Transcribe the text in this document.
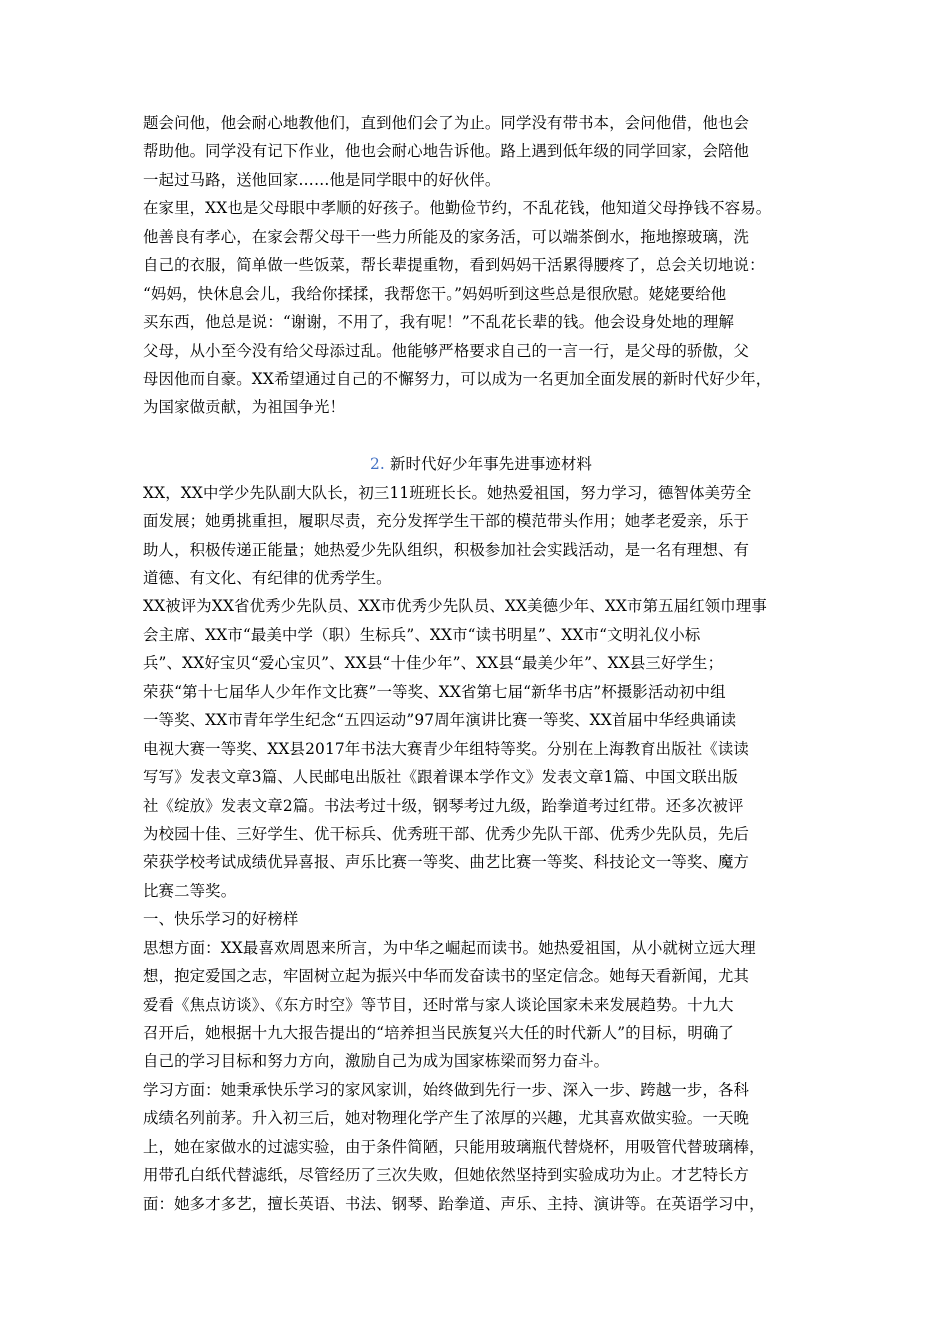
题会问他，他会耐心地教他们，直到他们会了为止。同学没有带书本，会问他借，他也会
帮助他。同学没有记下作业，他也会耐心地告诉他。路上遇到低年级的同学回家，会陪他
一起过马路，送他回家……他是同学眼中的好伙伴。
在家里，XX也是父母眼中孝顺的好孩子。他勤俭节约，不乱花钱，他知道父母挣钱不容易。
他善良有孝心，在家会帮父母干一些力所能及的家务活，可以端茶倒水，拖地擦玻璃，洗
自己的衣服，简单做一些饭菜，帮长辈提重物，看到妈妈干活累得腰疼了，总会关切地说：
“妈妈，快休息会儿，我给你揉揉，我帮您干。”妈妈听到这些总是很欣慰。姥姥要给他
买东西，他总是说：“谢谢，不用了，我有呢！”不乱花长辈的钱。他会设身处地的理解
父母，从小至今没有给父母添过乱。他能够严格要求自己的一言一行，是父母的骄傲，父
母因他而自豪。XX希望通过自己的不懈努力，可以成为一名更加全面发展的新时代好少年，
为国家做贡献，为祖国争光！
2. 新时代好少年事先进事迹材料
XX，XX中学少先队副大队长，初三11班班长长。她热爱祖国，努力学习，德智体美劳全
面发展；她勇挑重担，履职尽责，充分发挥学生干部的模范带头作用；她孝老爱亲，乐于
助人，积极传递正能量；她热爱少先队组织，积极参加社会实践活动，是一名有理想、有
道德、有文化、有纪律的优秀学生。
XX被评为XX省优秀少先队员、XX市优秀少先队员、XX美德少年、XX市第五届红领巾理事
会主席、XX市“最美中学（职）生标兵”、XX市“读书明星”、XX市“文明礼仪小标
兵”、XX好宝贝“爱心宝贝”、XX县“十佳少年”、XX县“最美少年”、XX县三好学生；
荣获“第十七届华人少年作文比赛”一等奖、XX省第七届“新华书店”杯摄影活动初中组
一等奖、XX市青年学生纪念“五四运动”97周年演讲比赛一等奖、XX首届中华经典诵读
电视大赛一等奖、XX县2017年书法大赛青少年组特等奖。分别在上海教育出版社《读读
写写》发表文章3篇、人民邮电出版社《跟着课本学作文》发表文章1篇、中国文联出版
社《绽放》发表文章2篇。书法考过十级，钢琴考过九级，跆拳道考过红带。还多次被评
为校园十佳、三好学生、优干标兵、优秀班干部、优秀少先队干部、优秀少先队员，先后
荣获学校考试成绩优异喜报、声乐比赛一等奖、曲艺比赛一等奖、科技论文一等奖、魔方
比赛二等奖。
一、快乐学习的好榜样
思想方面：XX最喜欢周恩来所言，为中华之崛起而读书。她热爱祖国，从小就树立远大理
想，抱定爱国之志，牢固树立起为振兴中华而发奋读书的坚定信念。她每天看新闻，尤其
爱看《焦点访谈》、《东方时空》等节目，还时常与家人谈论国家未来发展趋势。十九大
召开后，她根据十九大报告提出的“培养担当民族复兴大任的时代新人”的目标，明确了
自己的学习目标和努力方向，激励自己为成为国家栋梁而努力奋斗。
学习方面：她秉承快乐学习的家风家训，始终做到先行一步、深入一步、跨越一步，各科
成绩名列前茅。升入初三后，她对物理化学产生了浓厚的兴趣，尤其喜欢做实验。一天晚
上，她在家做水的过滤实验，由于条件简陋，只能用玻璃瓶代替烧杯，用吸管代替玻璃棒，
用带孔白纸代替滤纸，尽管经历了三次失败，但她依然坚持到实验成功为止。才艺特长方
面：她多才多艺，擅长英语、书法、钢琴、跆拳道、声乐、主持、演讲等。在英语学习中，
